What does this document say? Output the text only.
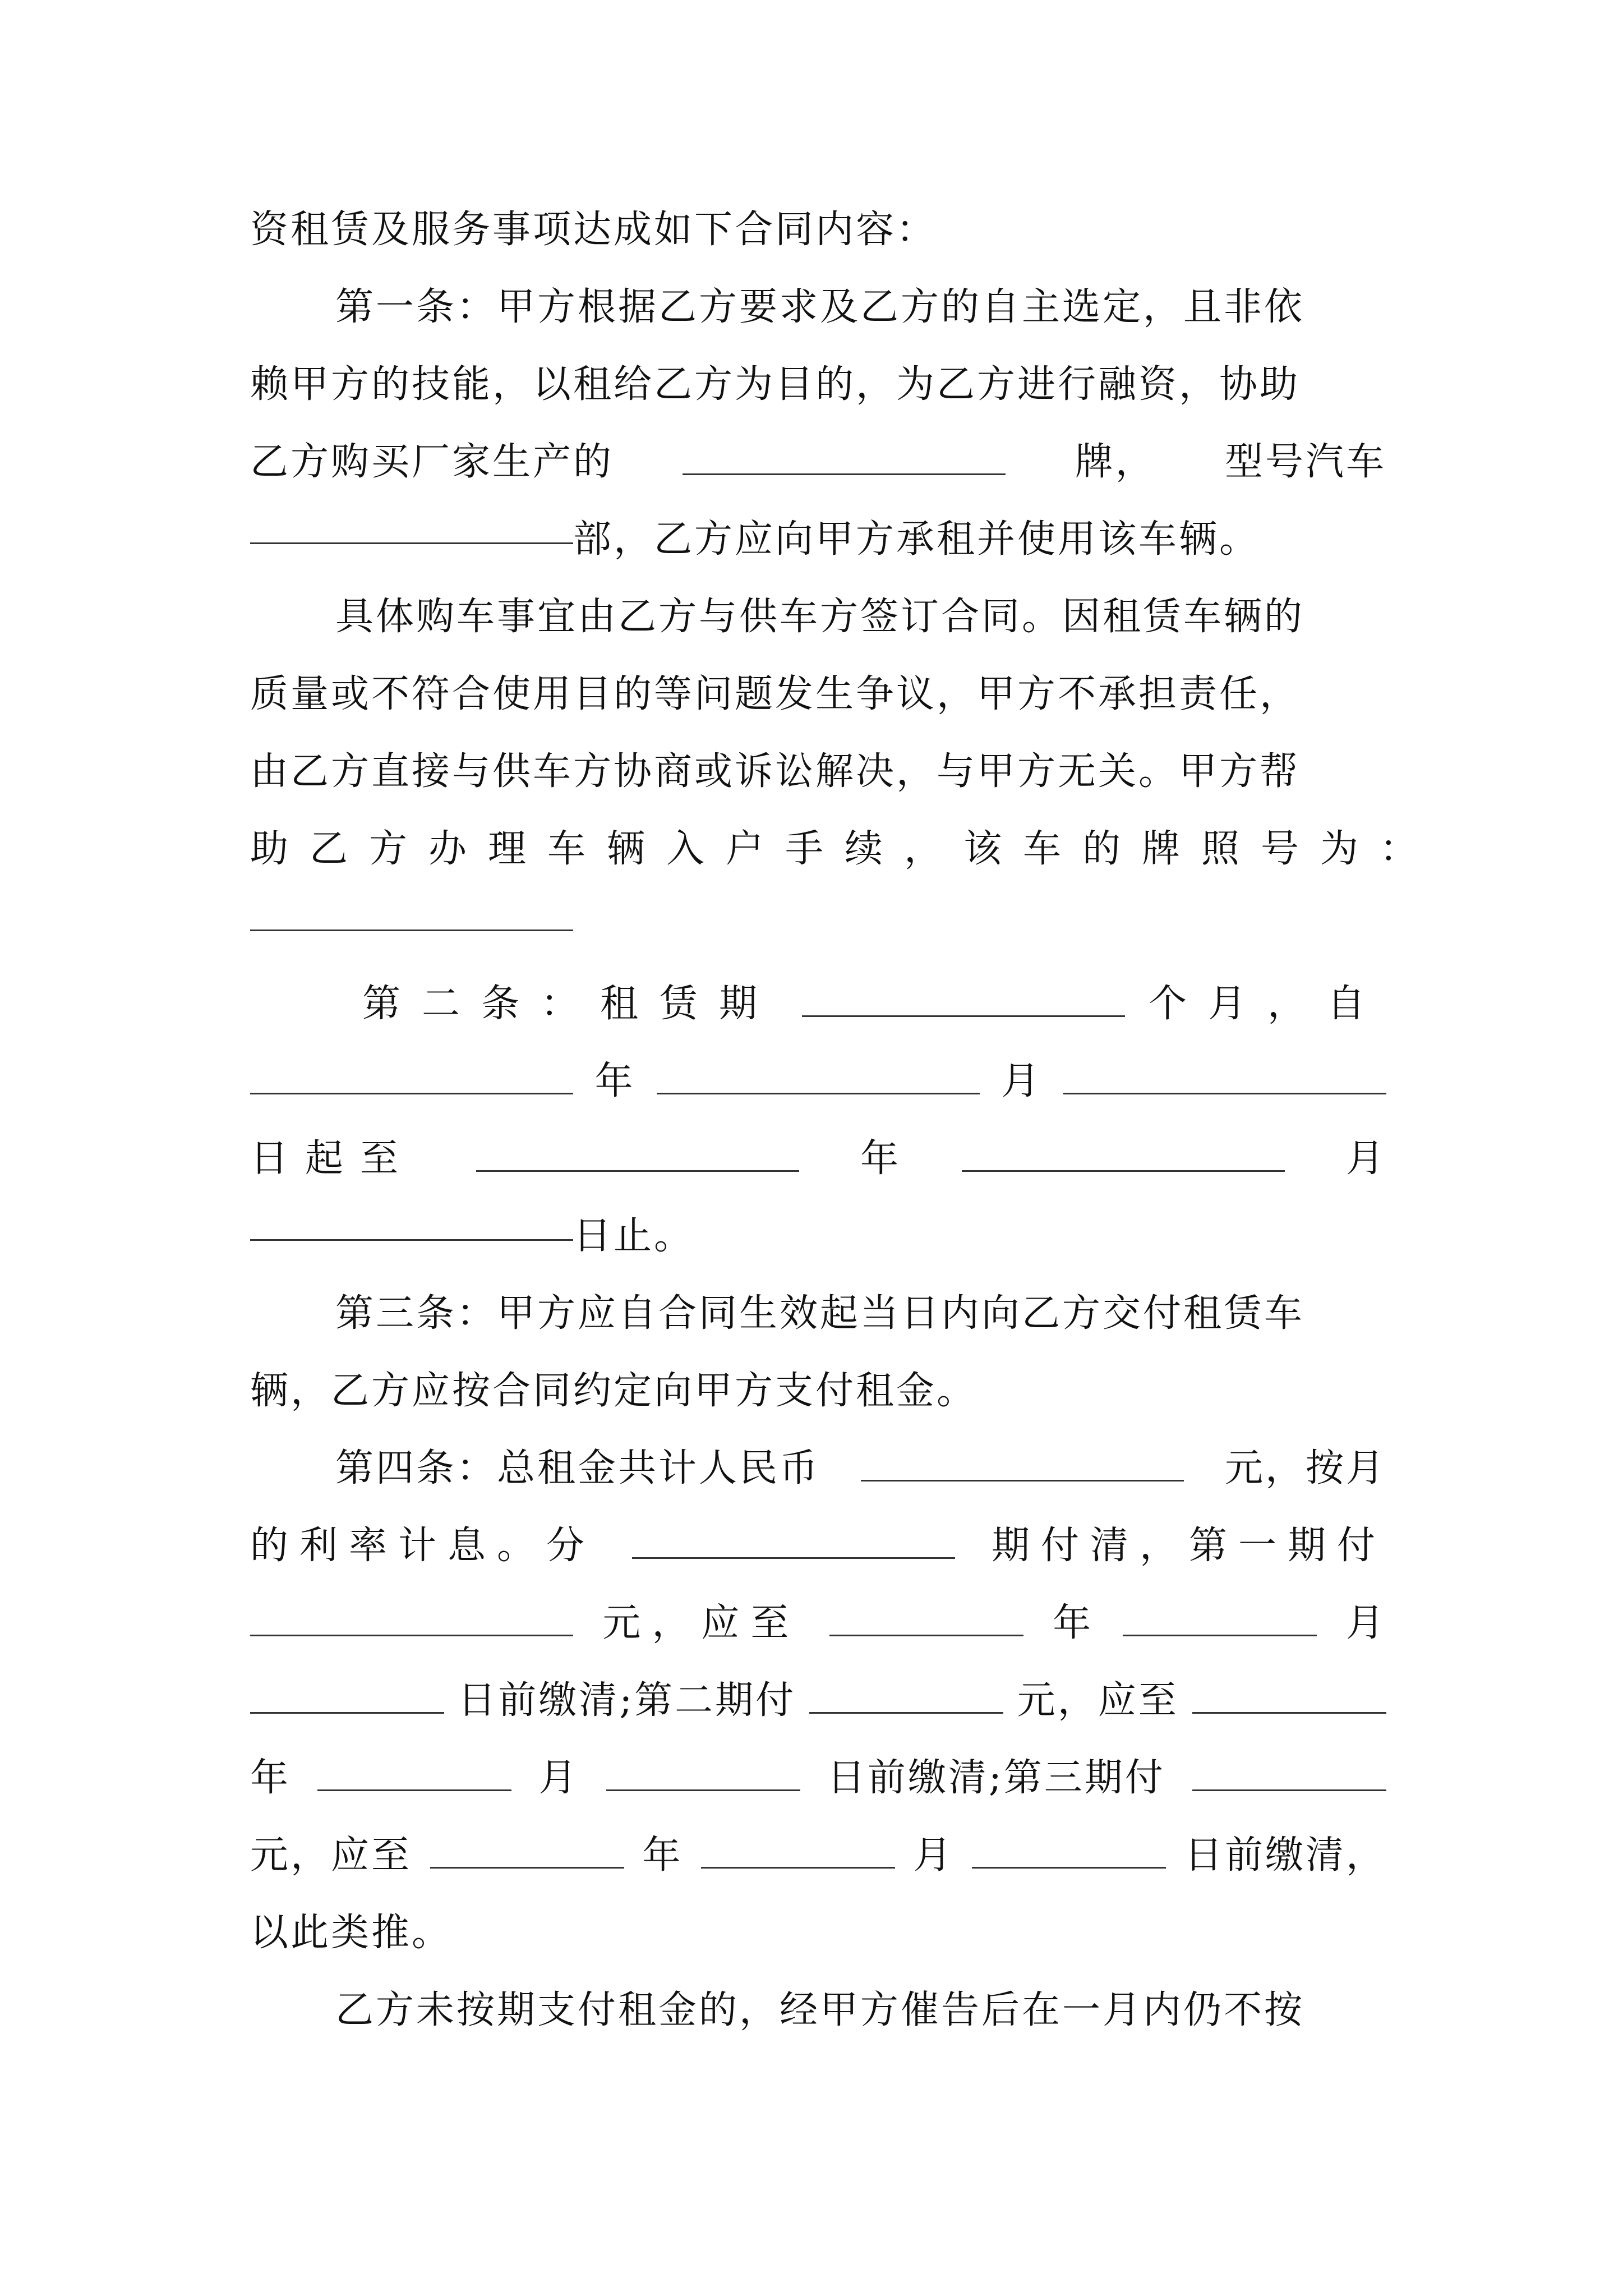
资租赁及服务事项达成如下合同内容：
第一条：甲方根据乙方要求及乙方的自主选定，且非依
赖甲方的技能，以租给乙方为目的，为乙方进行融资，协助
乙方购买厂家生产的	牌， 型号汽车
部，乙方应向甲方承租并使用该车辆。
具体购车事宜由乙方与供车方签订合同。因租赁车辆的
质量或不符合使用目的等问题发生争议，甲方不承担责任，
由乙方直接与供车方协商或诉讼解决，与甲方无关。甲方帮
助乙方办理车辆入户手续，该车的牌照号为：
第二条：租赁期	个月，自
年	月
日起至	年	月
日止。
第三条：甲方应自合同生效起当日内向乙方交付租赁车
辆，乙方应按合同约定向甲方支付租金。
第四条：总租金共计人民币	元，按月
的利率计息。分	期付清，第一期付
元，应至	年	月
日前缴清;第二期付	元，应至
年	月	日前缴清;第三期付
元，应至	年	月	日前缴清，
以此类推。
乙方未按期支付租金的，经甲方催告后在一月内仍不按
